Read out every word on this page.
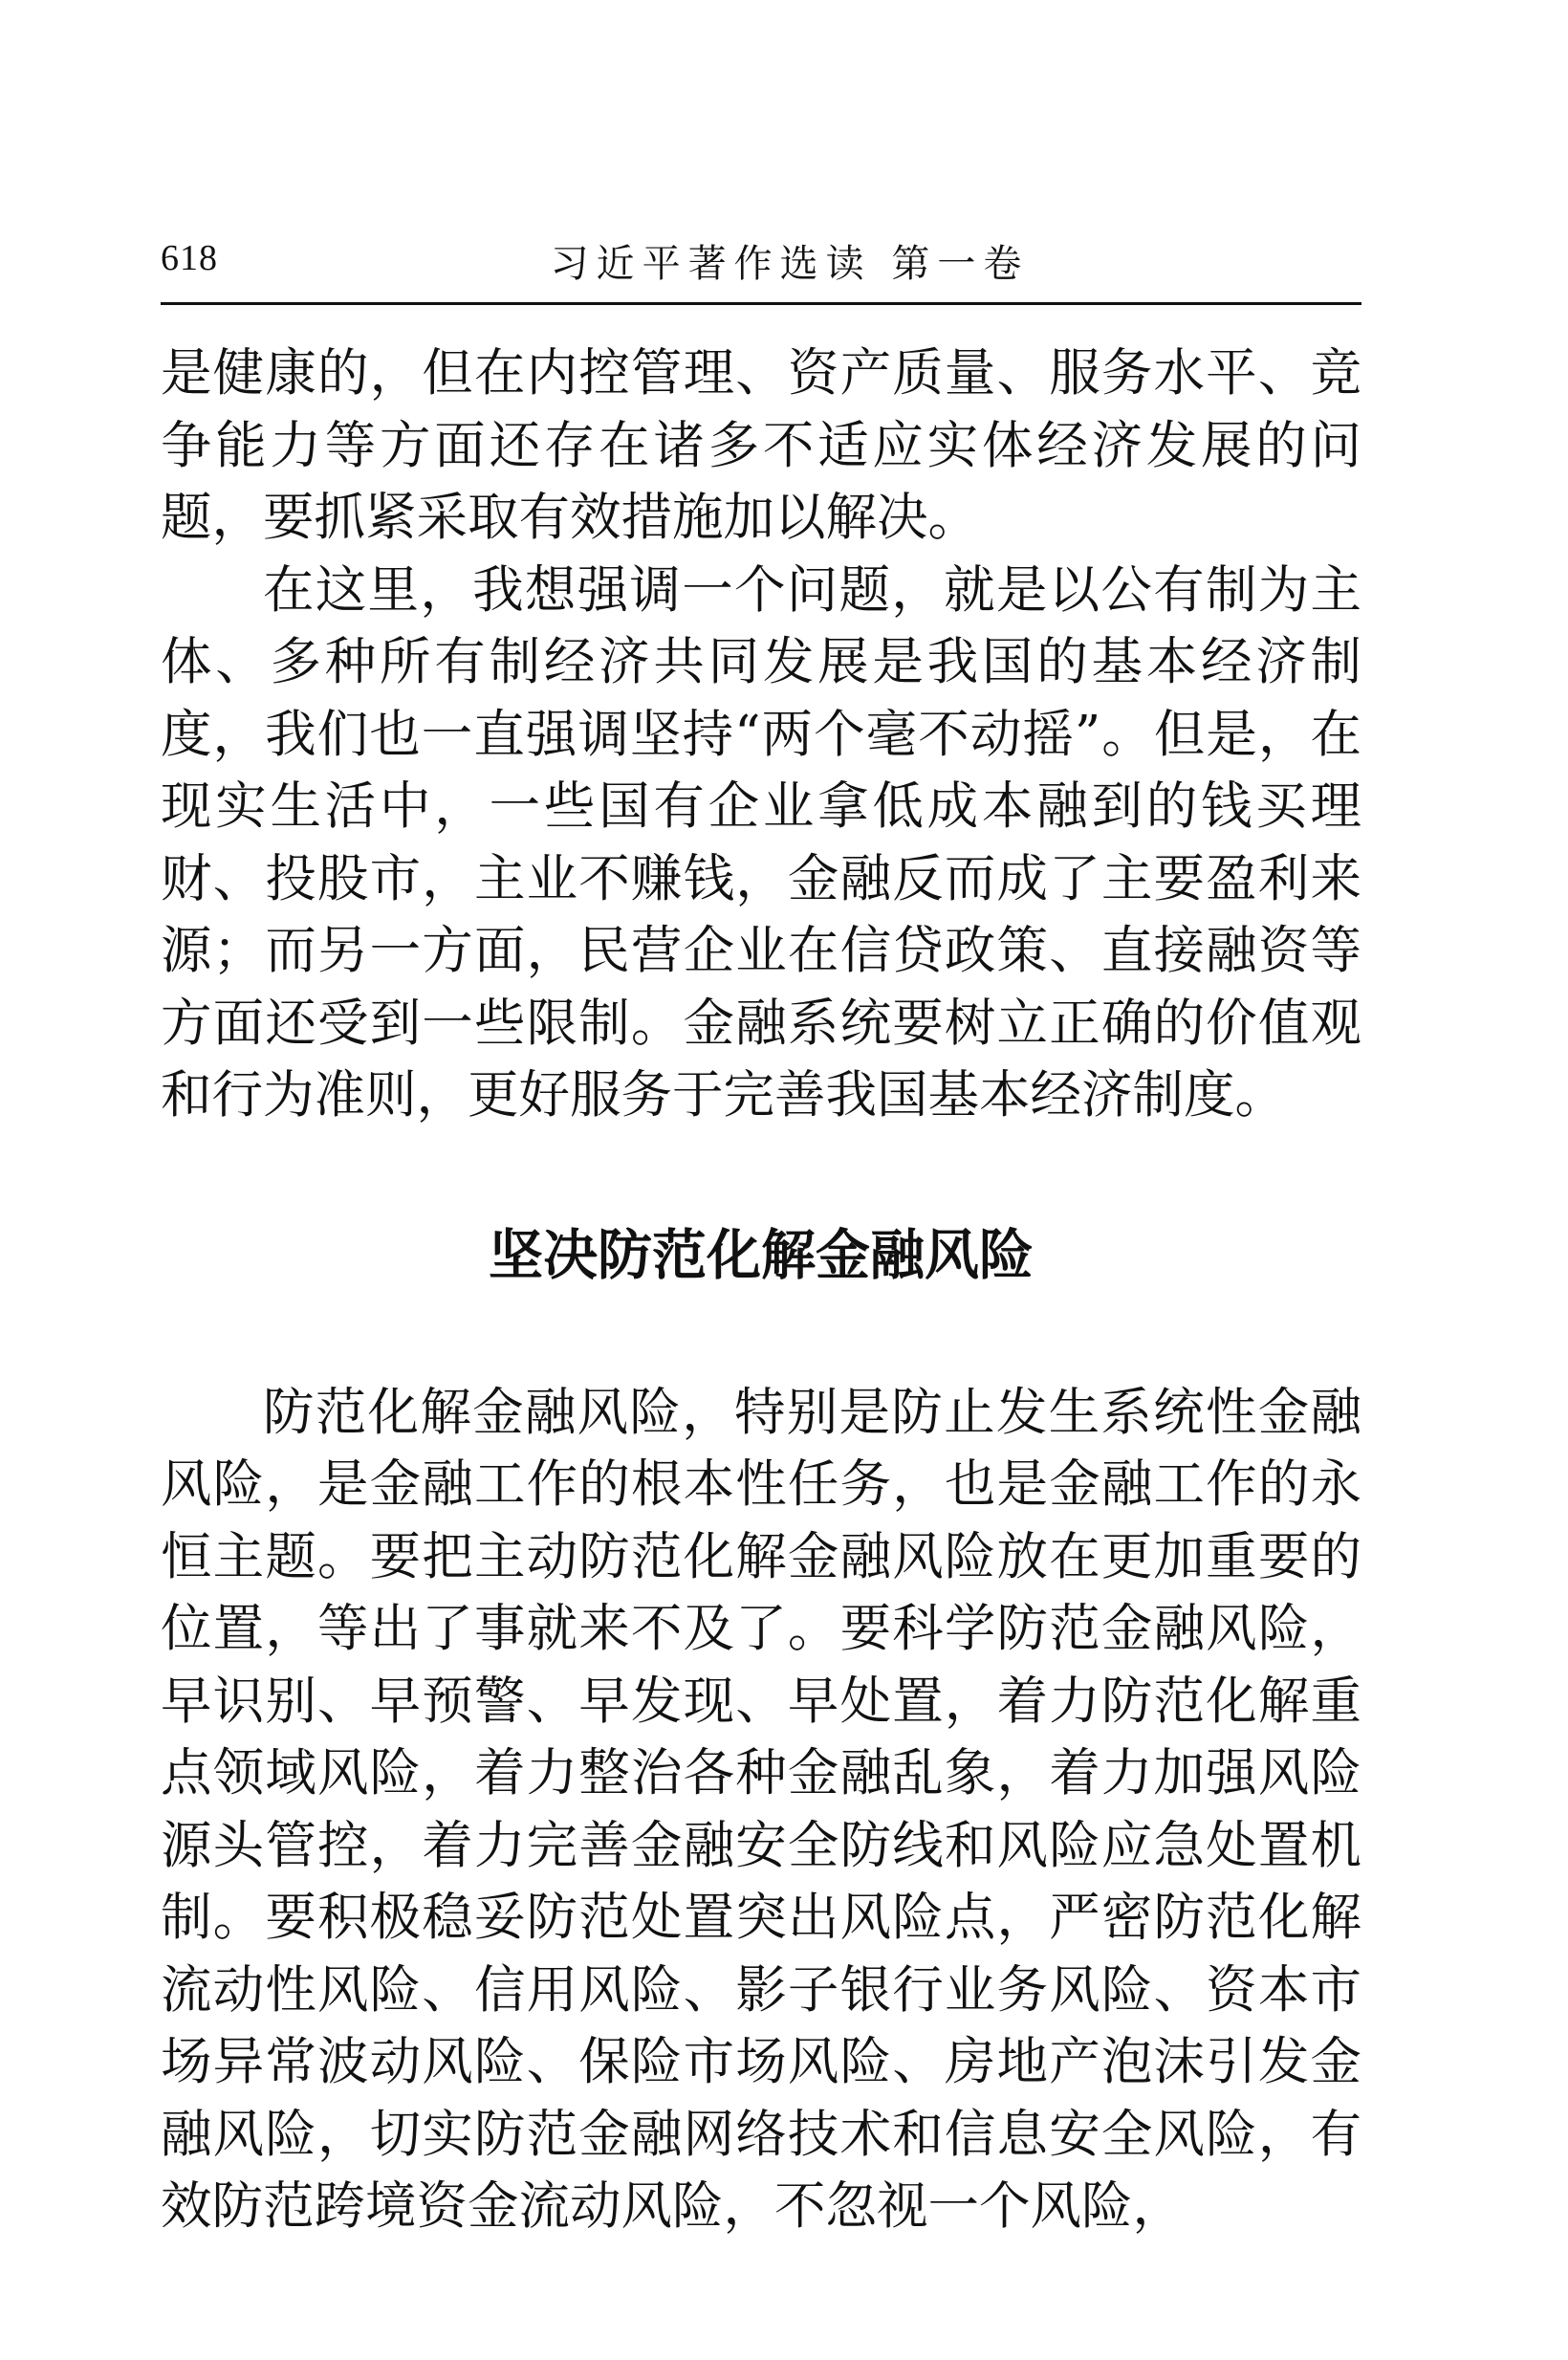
618	习近平著作选读 第一卷

是健康的，但在内控管理、资产质量、服务水平、竞争能力等方面还存在诸多不适应实体经济发展的问题，要抓紧采取有效措施加以解决。

在这里，我想强调一个问题，就是以公有制为主体、多种所有制经济共同发展是我国的基本经济制度，我们也一直强调坚持“两个毫不动摇”。但是，在现实生活中，一些国有企业拿低成本融到的钱买理财、投股市，主业不赚钱，金融反而成了主要盈利来源；而另一方面，民营企业在信贷政策、直接融资等方面还受到一些限制。金融系统要树立正确的价值观和行为准则，更好服务于完善我国基本经济制度。

坚决防范化解金融风险

防范化解金融风险，特别是防止发生系统性金融风险，是金融工作的根本性任务，也是金融工作的永恒主题。要把主动防范化解金融风险放在更加重要的位置，等出了事就来不及了。要科学防范金融风险，早识别、早预警、早发现、早处置，着力防范化解重点领域风险，着力整治各种金融乱象，着力加强风险源头管控，着力完善金融安全防线和风险应急处置机制。要积极稳妥防范处置突出风险点，严密防范化解流动性风险、信用风险、影子银行业务风险、资本市场异常波动风险、保险市场风险、房地产泡沫引发金融风险，切实防范金融网络技术和信息安全风险，有效防范跨境资金流动风险，不忽视一个风险，
